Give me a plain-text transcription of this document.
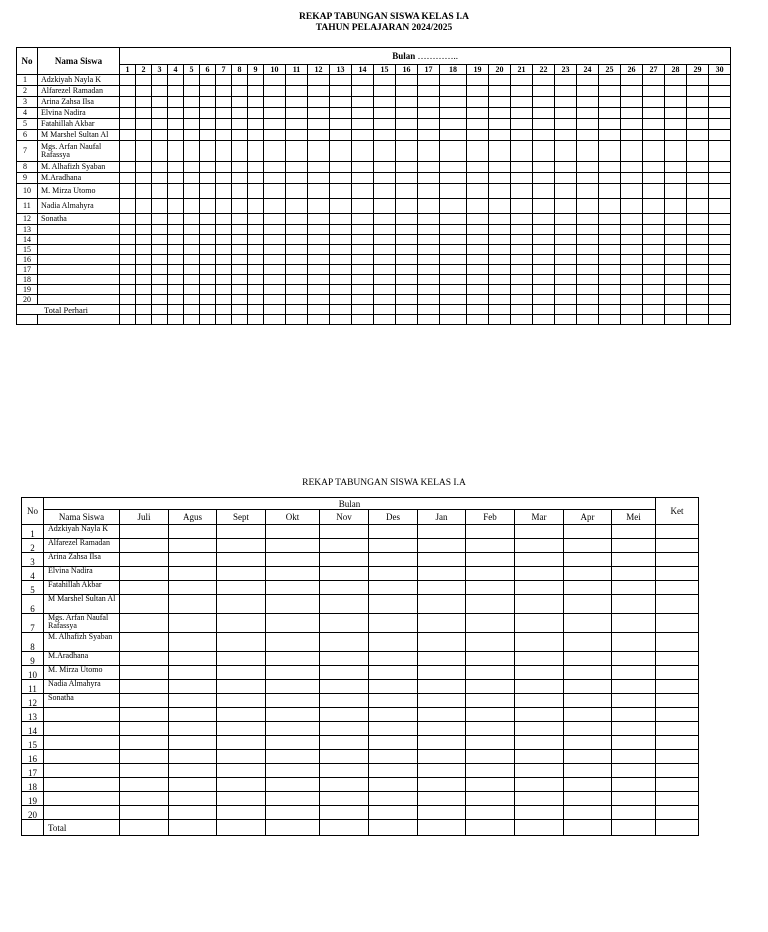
REKAP TABUNGAN SISWA KELAS I.A
TAHUN PELAJARAN 2024/2025
No	Nama Siswa	Bulan …………..																													
		1	2	3	4	5	6	7	8	9	10	11	12	13	14	15	16	17	18	19	20	21	22	23	24	25	26	27	28	29	30
1	Adzkiyah Nayla K																														
2	Alfarezel Ramadan																														
3	Arina Zahsa Ilsa																														
4	Elvina Nadira																														
5	Fatahillah Akbar																														
6	M Marshel Sultan Al																														
7	Mgs. Arfan Naufal Rafassya																														
8	M. Alhafizh Syaban																														
9	M.Aradhana																														
10	M. Mirza Utomo																														
11	Nadia Almahyra																														
12	Sonatha																														
13																															
14																															
15																															
16																															
17																															
18																															
19																															
20																															
Total Perhari																															

REKAP TABUNGAN SISWA KELAS I.A
No	Bulan												Ket
	Nama Siswa	Juli	Agus	Sept	Okt	Nov	Des	Jan	Feb	Mar	Apr	Mei	
1	Adzkiyah Nayla K												
2	Alfarezel Ramadan												
3	Arina Zahsa Ilsa												
4	Elvina Nadira												
5	Fatahillah Akbar												
6	M Marshel Sultan Al												
7	Mgs. Arfan Naufal Rafassya												
8	M. Alhafizh Syaban												
9	M.Aradhana												
10	M. Mirza Utomo												
11	Nadia Almahyra												
12	Sonatha												
13													
14													
15													
16													
17													
18													
19													
20													
	Total												
